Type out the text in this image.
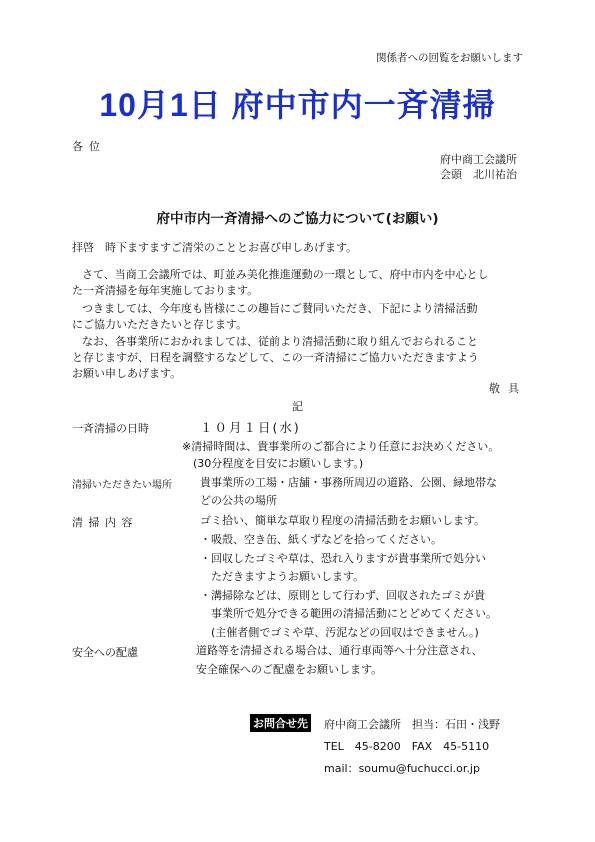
関係者への回覧をお願いします
10月1日 府中市内一斉清掃
各位
府中商工会議所
会頭　北川祐治
府中市内一斉清掃へのご協力について(お願い)
拝啓　時下ますますご清栄のこととお喜び申しあげます。
さて、当商工会議所では、町並み美化推進運動の一環として、府中市内を中心とし
た一斉清掃を毎年実施しております。
つきましては、今年度も皆様にこの趣旨にご賛同いただき、下記により清掃活動
にご協力いただきたいと存じます。
なお、各事業所におかれましては、従前より清掃活動に取り組んでおられること
と存じますが、日程を調整するなどして、この一斉清掃にご協力いただきますよう
お願い申しあげます。
敬具
記
一斉清掃の日時	１０月１日(水)
※清掃時間は、貴事業所のご都合により任意にお決めください。
(30分程度を目安にお願いします。)
清掃いただきたい場所	貴事業所の工場・店舗・事務所周辺の道路、公園、緑地帯な
どの公共の場所
清 掃 内 容	ゴミ拾い、簡単な草取り程度の清掃活動をお願いします。
・吸殻、空き缶、紙くずなどを拾ってください。
・回収したゴミや草は、恐れ入りますが貴事業所で処分い
ただきますようお願いします。
・溝掃除などは、原則として行わず、回収されたゴミが貴
事業所で処分できる範囲の清掃活動にとどめてください。
(主催者側でゴミや草、汚泥などの回収はできません。)
安全への配慮	道路等を清掃される場合は、通行車両等へ十分注意され、
安全確保へのご配慮をお願いします。
お問合せ先 府中商工会議所　担当：石田・浅野
TEL　45-8200　FAX　45-5110
mail：soumu@fuchucci.or.jp
